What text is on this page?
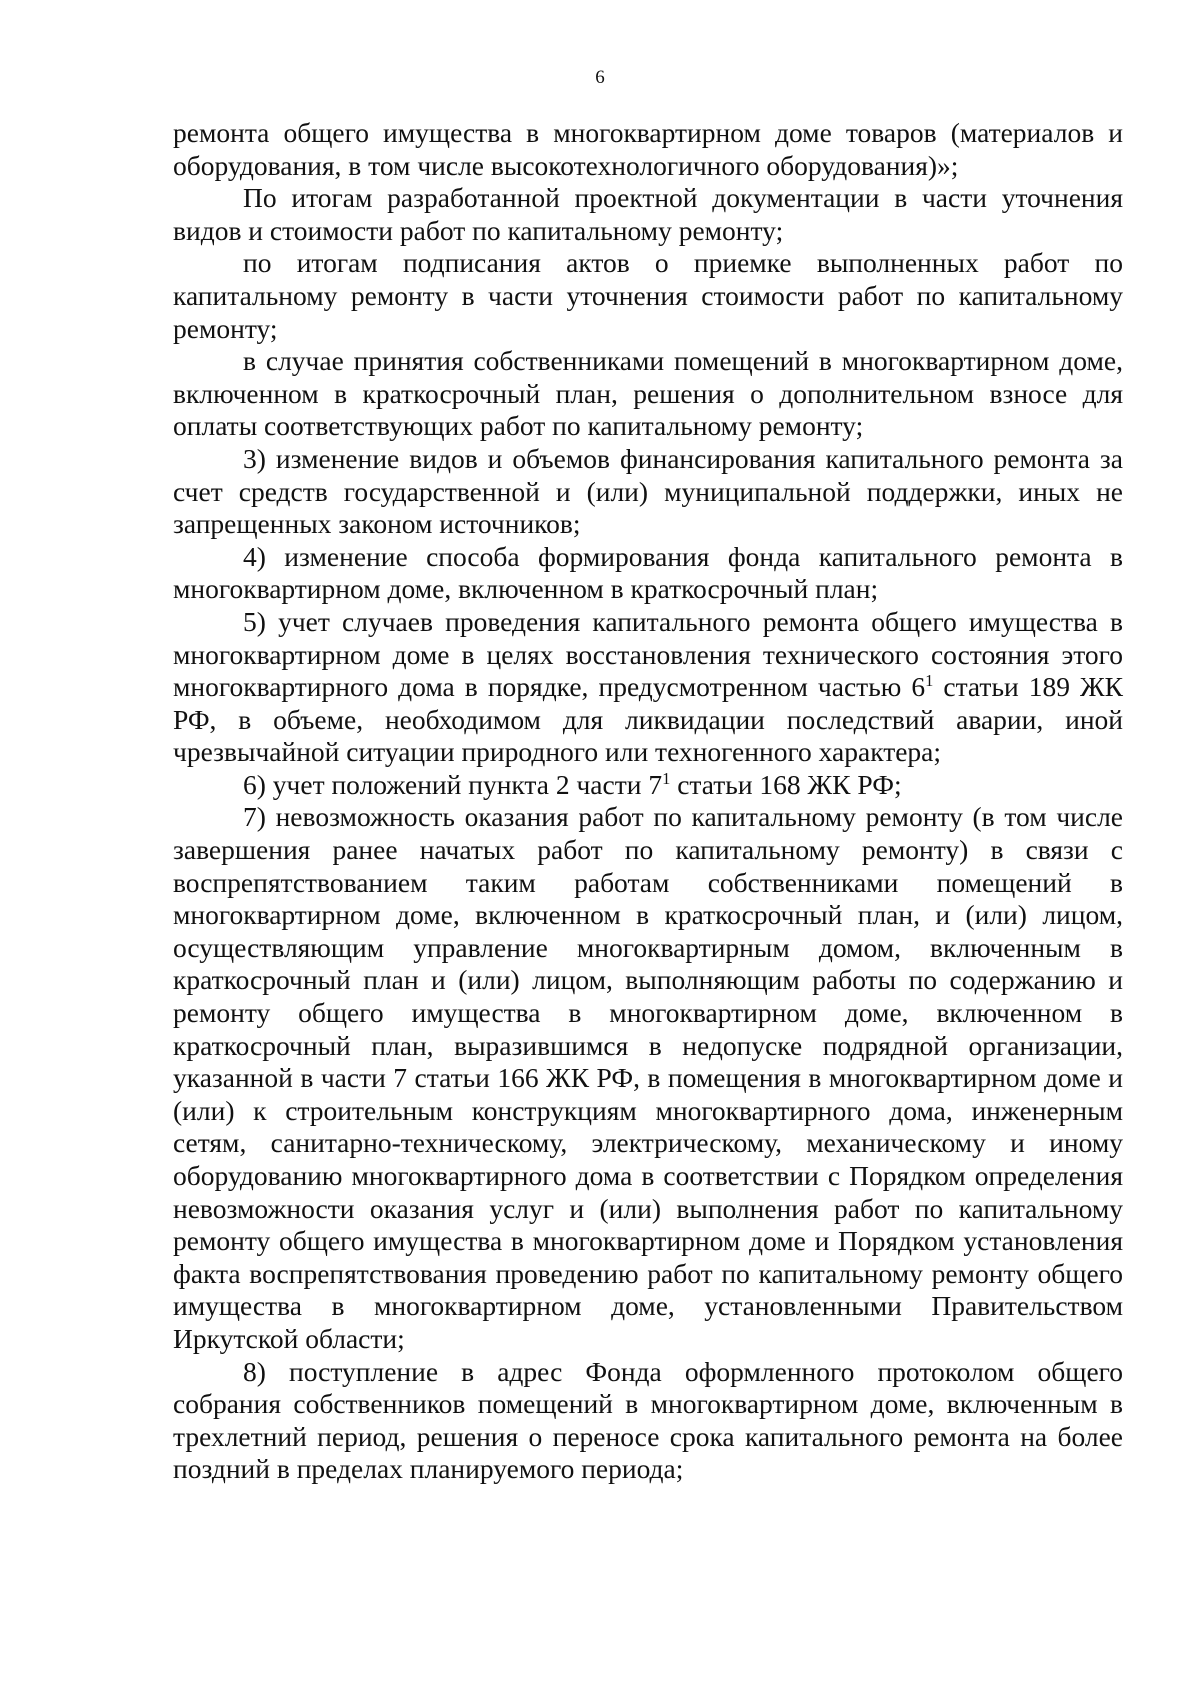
6

ремонта общего имущества в многоквартирном доме товаров (материалов и оборудования, в том числе высокотехнологичного оборудования)»;

По итогам разработанной проектной документации в части уточнения видов и стоимости работ по капитальному ремонту;

по итогам подписания актов о приемке выполненных работ по капитальному ремонту в части уточнения стоимости работ по капитальному ремонту;

в случае принятия собственниками помещений в многоквартирном доме, включенном в краткосрочный план, решения о дополнительном взносе для оплаты соответствующих работ по капитальному ремонту;

3) изменение видов и объемов финансирования капитального ремонта за счет средств государственной и (или) муниципальной поддержки, иных не запрещенных законом источников;

4) изменение способа формирования фонда капитального ремонта в многоквартирном доме, включенном в краткосрочный план;

5) учет случаев проведения капитального ремонта общего имущества в многоквартирном доме в целях восстановления технического состояния этого многоквартирного дома в порядке, предусмотренном частью $6^1$ статьи 189 ЖК РФ, в объеме, необходимом для ликвидации последствий аварии, иной чрезвычайной ситуации природного или техногенного характера;

6) учет положений пункта 2 части $7^1$ статьи 168 ЖК РФ;

7) невозможность оказания работ по капитальному ремонту (в том числе завершения ранее начатых работ по капитальному ремонту) в связи с воспрепятствованием таким работам собственниками помещений в многоквартирном доме, включенном в краткосрочный план, и (или) лицом, осуществляющим управление многоквартирным домом, включенным в краткосрочный план и (или) лицом, выполняющим работы по содержанию и ремонту общего имущества в многоквартирном доме, включенном в краткосрочный план, выразившимся в недопуске подрядной организации, указанной в части 7 статьи 166 ЖК РФ, в помещения в многоквартирном доме и (или) к строительным конструкциям многоквартирного дома, инженерным сетям, санитарно-техническому, электрическому, механическому и иному оборудованию многоквартирного дома в соответствии с Порядком определения невозможности оказания услуг и (или) выполнения работ по капитальному ремонту общего имущества в многоквартирном доме и Порядком установления факта воспрепятствования проведению работ по капитальному ремонту общего имущества в многоквартирном доме, установленными Правительством Иркутской области;

8) поступление в адрес Фонда оформленного протоколом общего собрания собственников помещений в многоквартирном доме, включенным в трехлетний период, решения о переносе срока капитального ремонта на более поздний в пределах планируемого периода;
